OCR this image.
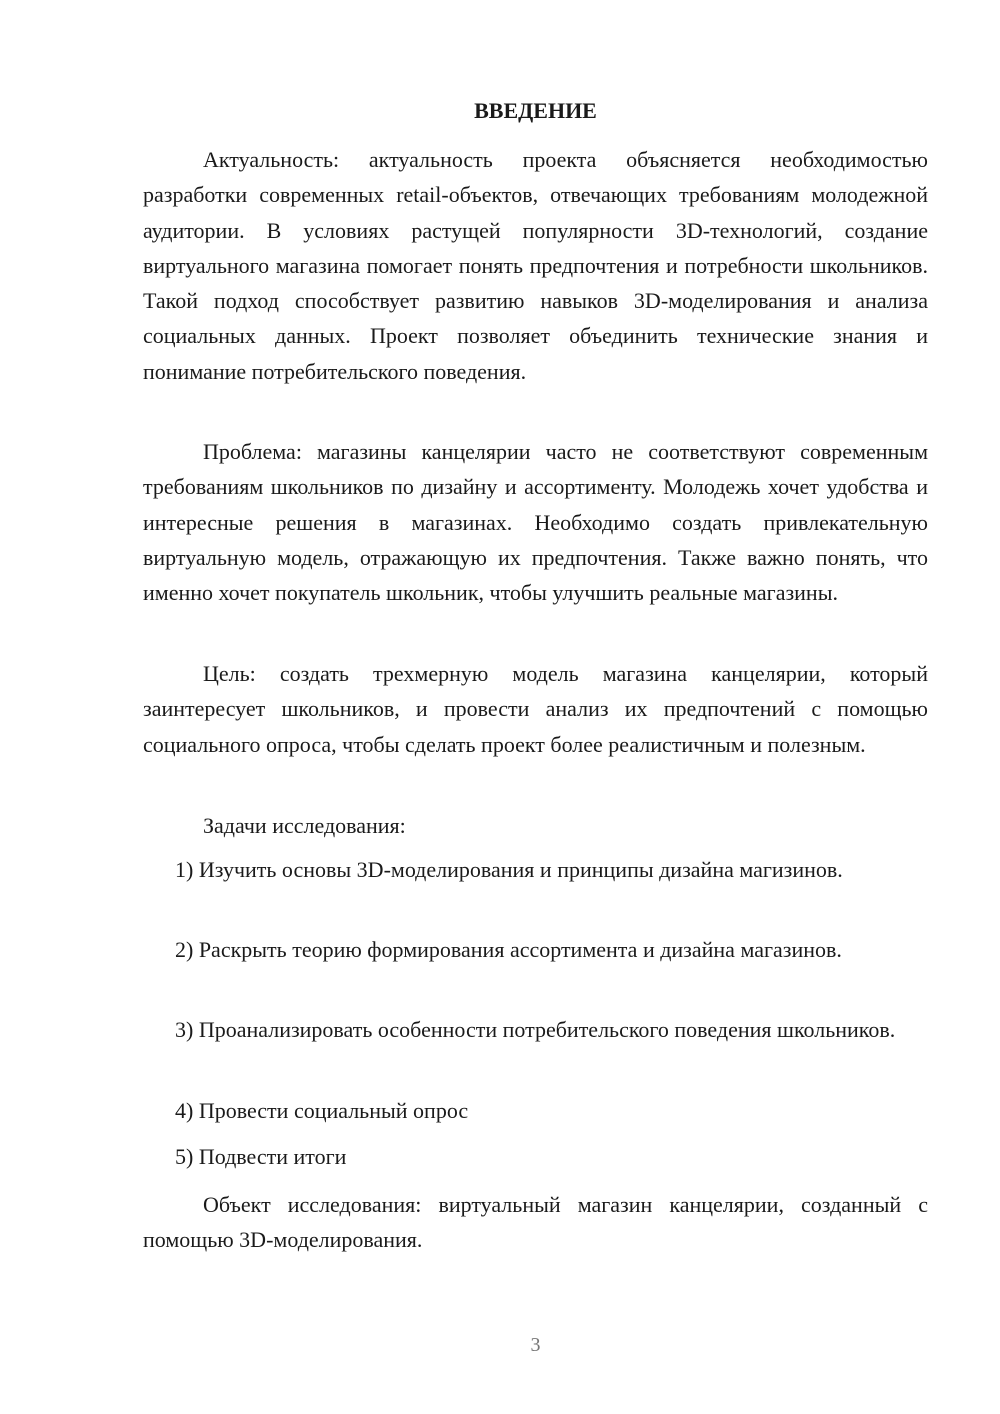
ВВЕДЕНИЕ

Актуальность: актуальность проекта объясняется необходимостью разработки современных retail-объектов, отвечающих требованиям молодежной аудитории. В условиях растущей популярности 3D-технологий, создание виртуального магазина помогает понять предпочтения и потребности школьников. Такой подход способствует развитию навыков 3D-моделирования и анализа социальных данных. Проект позволяет объединить технические знания и понимание потребительского поведения.

Проблема: магазины канцелярии часто не соответствуют современным требованиям школьников по дизайну и ассортименту. Молодежь хочет удобства и интересные решения в магазинах. Необходимо создать привлекательную виртуальную модель, отражающую их предпочтения. Также важно понять, что именно хочет покупатель школьник, чтобы улучшить реальные магазины.

Цель: создать трехмерную модель магазина канцелярии, который заинтересует школьников, и провести анализ их предпочтений с помощью социального опроса, чтобы сделать проект более реалистичным и полезным.

Задачи исследования:

1) Изучить основы 3D-моделирования и принципы дизайна магизинов.

2) Раскрыть теорию формирования ассортимента и дизайна магазинов.

3) Проанализировать особенности потребительского поведения школьников.

4) Провести социальный опрос

5) Подвести итоги

Объект исследования: виртуальный магазин канцелярии, созданный с помощью 3D-моделирования.

3
